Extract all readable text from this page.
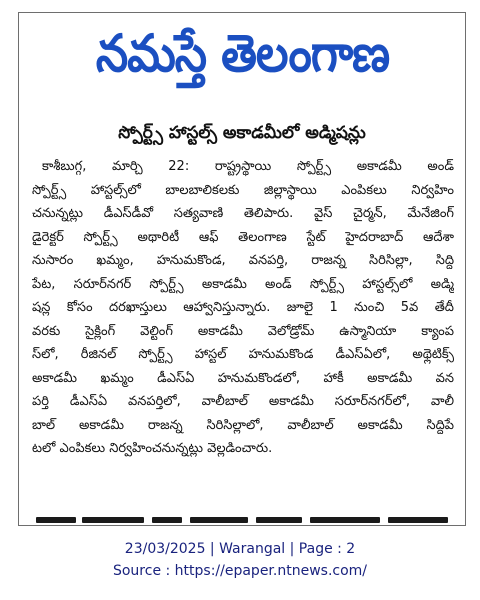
నమస్తే తెలంగాణ
స్పోర్ట్స్ హాస్టల్స్ అకాడమీలో అడ్మిషన్లు
కాశీబుగ్గ, మార్చి 22: రాష్ట్రస్థాయి స్పోర్ట్స్ అకాడమీ అండ్
స్పోర్ట్స్ హాస్టల్స్‌లో బాలబాలికలకు జిల్లాస్థాయి ఎంపికలు నిర్వహిం
చనున్నట్లు డీఎస్‌డీవో సత్యవాణి తెలిపారు. వైస్ చైర్మన్, మేనేజింగ్
డైరెక్టర్ స్పోర్ట్స్ అథారిటీ ఆఫ్ తెలంగాణ స్టేట్ హైదరాబాద్ ఆదేశా
నుసారం ఖమ్మం, హనుమకొండ, వనపర్తి, రాజన్న సిరిసిల్లా, సిద్ది
పేట, సరూర్‌నగర్ స్పోర్ట్స్ అకాడమీ అండ్ స్పోర్ట్స్ హాస్టల్స్‌లో అడ్మి
షన్ల కోసం దరఖాస్తులు ఆహ్వానిస్తున్నారు. జూలై 1 నుంచి 5వ తేదీ
వరకు సైక్లింగ్ వెల్టింగ్ అకాడమీ వెలోడ్రోమ్ ఉస్మానియా క్యాంప
స్‌లో, రీజినల్ స్పోర్ట్స్ హాస్టల్ హనుమకొండ డీఎస్ఏలో, అథ్లెటిక్స్
అకాడమీ ఖమ్మం డీఎస్ఏ హనుమకొండలో, హాకీ అకాడమీ వన
పర్తి డీఎస్ఏ వనపర్తిలో, వాలీబాల్ అకాడమీ సరూర్‌నగర్‌లో, వాలీ
బాల్ అకాడమీ రాజన్న సిరిసిల్లాలో, వాలీబాల్ అకాడమీ సిద్దిపే
టలో ఎంపికలు నిర్వహించనున్నట్లు వెల్లడించారు.
23/03/2025 | Warangal | Page : 2
Source : https://epaper.ntnews.com/
